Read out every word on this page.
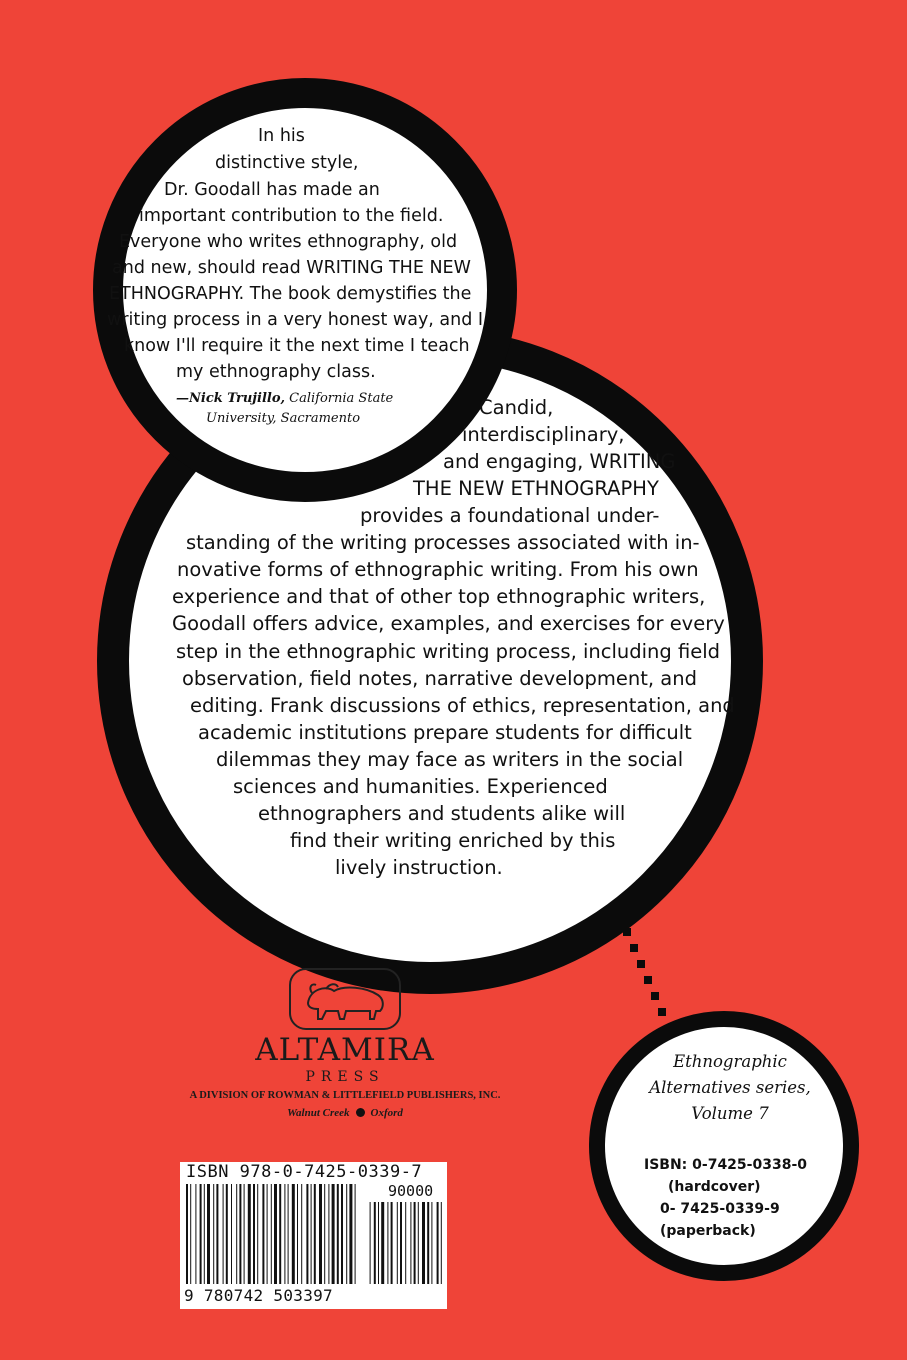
In his
distinctive style,
Dr. Goodall has made an
important contribution to the field.
Everyone who writes ethnography, old
and new, should read WRITING THE NEW
ETHNOGRAPHY. The book demystifies the
writing process in a very honest way, and I
know I'll require it the next time I teach
my ethnography class.
—Nick Trujillo, California State
University, Sacramento	Candid,
interdisciplinary,
and engaging, WRITING
THE NEW ETHNOGRAPHY
provides a foundational under-
standing of the writing processes associated with in-
novative forms of ethnographic writing. From his own
experience and that of other top ethnographic writers,
Goodall offers advice, examples, and exercises for every
step in the ethnographic writing process, including field
observation, field notes, narrative development, and
editing. Frank discussions of ethics, representation, and
academic institutions prepare students for difficult
dilemmas they may face as writers in the social
sciences and humanities. Experienced
ethnographers and students alike will
find their writing enriched by this
lively instruction.
ALTAMIRA
PRESS
A DIVISION OF ROWMAN & LITTLEFIELD PUBLISHERS, INC.
Walnut Creek Oxford
ISBN 978-0-7425-0339-7
90000
9 780742 503397
Ethnographic
Alternatives series,
Volume 7
ISBN: 0-7425-0338-0
(hardcover)
0- 7425-0339-9
(paperback)
